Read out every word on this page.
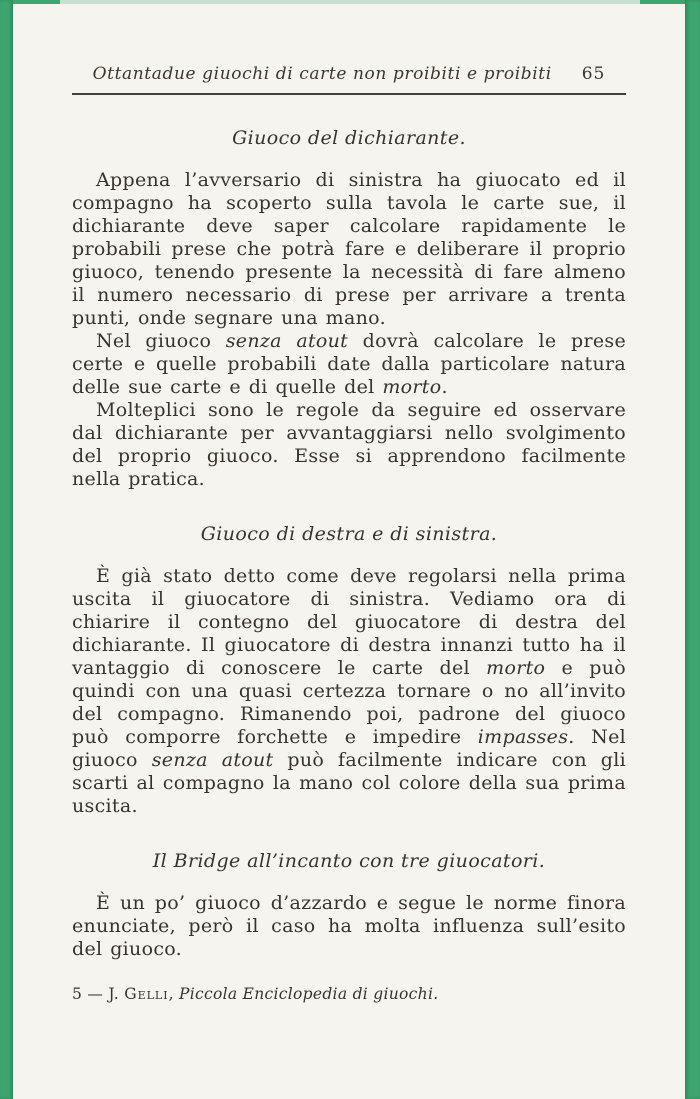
Ottantadue giuochi di carte non proibiti e proibiti 65
Giuoco del dichiarante.

Appena l’avversario di sinistra ha giuocato ed il compagno ha scoperto sulla tavola le carte sue, il dichiarante deve saper calcolare rapidamente le probabili prese che potrà fare e deliberare il proprio giuoco, tenendo presente la necessità di fare almeno il numero necessario di prese per arrivare a trenta punti, onde segnare una mano.

Nel giuoco senza atout dovrà calcolare le prese certe e quelle probabili date dalla particolare natura delle sue carte e di quelle del morto.

Molteplici sono le regole da seguire ed osservare dal dichiarante per avvantaggiarsi nello svolgimento del proprio giuoco. Esse si apprendono facilmente nella pratica.

Giuoco di destra e di sinistra.

È già stato detto come deve regolarsi nella prima uscita il giuocatore di sinistra. Vediamo ora di chiarire il contegno del giuocatore di destra del dichiarante. Il giuocatore di destra innanzi tutto ha il vantaggio di conoscere le carte del morto e può quindi con una quasi certezza tornare o no all’invito del compagno. Rimanendo poi, padrone del giuoco può comporre forchette e impedire impasses. Nel giuoco senza atout può facilmente indicare con gli scarti al compagno la mano col colore della sua prima uscita.

Il Bridge all’incanto con tre giuocatori.

È un po’ giuoco d’azzardo e segue le norme finora enunciate, però il caso ha molta influenza sull’esito del giuoco.

5 — J. Gelli, Piccola Enciclopedia di giuochi.
